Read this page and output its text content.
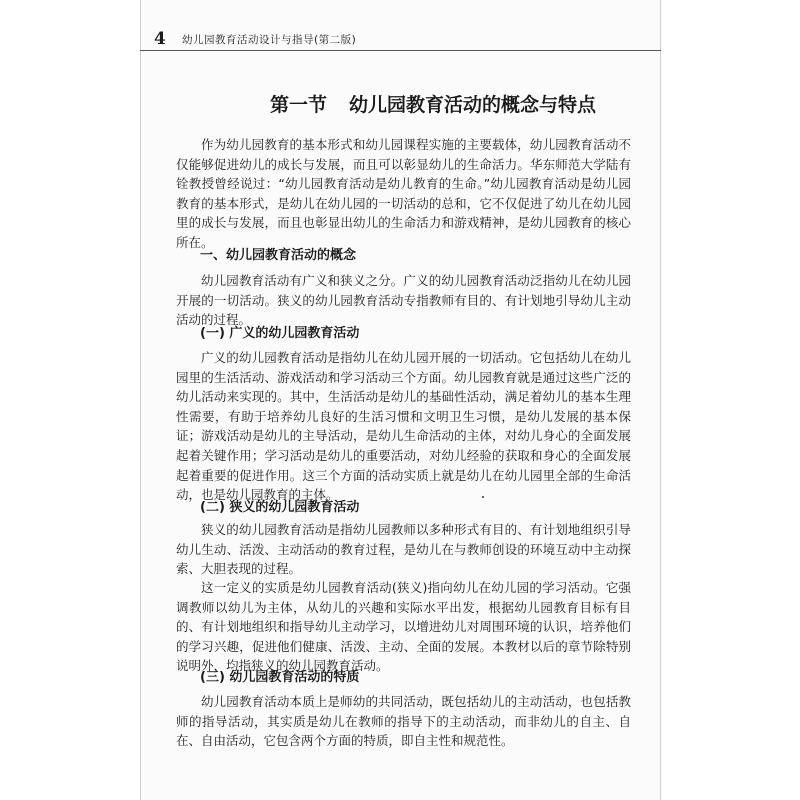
4 幼儿园教育活动设计与指导(第二版)
第一节 幼儿园教育活动的概念与特点

作为幼儿园教育的基本形式和幼儿园课程实施的主要载体，幼儿园教育活动不仅能够促进幼儿的成长与发展，而且可以彰显幼儿的生命活力。华东师范大学陆有铨教授曾经说过：“幼儿园教育活动是幼儿教育的生命。”幼儿园教育活动是幼儿园教育的基本形式，是幼儿在幼儿园的一切活动的总和，它不仅促进了幼儿在幼儿园里的成长与发展，而且也彰显出幼儿的生命活力和游戏精神，是幼儿园教育的核心所在。

一、幼儿园教育活动的概念

幼儿园教育活动有广义和狭义之分。广义的幼儿园教育活动泛指幼儿在幼儿园开展的一切活动。狭义的幼儿园教育活动专指教师有目的、有计划地引导幼儿主动活动的过程。

(一) 广义的幼儿园教育活动

广义的幼儿园教育活动是指幼儿在幼儿园开展的一切活动。它包括幼儿在幼儿园里的生活活动、游戏活动和学习活动三个方面。幼儿园教育就是通过这些广泛的幼儿活动来实现的。其中，生活活动是幼儿的基础性活动，满足着幼儿的基本生理性需要，有助于培养幼儿良好的生活习惯和文明卫生习惯，是幼儿发展的基本保证；游戏活动是幼儿的主导活动，是幼儿生命活动的主体，对幼儿身心的全面发展起着关键作用；学习活动是幼儿的重要活动，对幼儿经验的获取和身心的全面发展起着重要的促进作用。这三个方面的活动实质上就是幼儿在幼儿园里全部的生命活动，也是幼儿园教育的主体。

(二) 狭义的幼儿园教育活动

狭义的幼儿园教育活动是指幼儿园教师以多种形式有目的、有计划地组织引导幼儿生动、活泼、主动活动的教育过程，是幼儿在与教师创设的环境互动中主动探索、大胆表现的过程。

这一定义的实质是幼儿园教育活动(狭义)指向幼儿在幼儿园的学习活动。它强调教师以幼儿为主体，从幼儿的兴趣和实际水平出发，根据幼儿园教育目标有目的、有计划地组织和指导幼儿主动学习，以增进幼儿对周围环境的认识，培养他们的学习兴趣，促进他们健康、活泼、主动、全面的发展。本教材以后的章节除特别说明外，均指狭义的幼儿园教育活动。

(三) 幼儿园教育活动的特质

幼儿园教育活动本质上是师幼的共同活动，既包括幼儿的主动活动，也包括教师的指导活动，其实质是幼儿在教师的指导下的主动活动，而非幼儿的自主、自在、自由活动，它包含两个方面的特质，即自主性和规范性。
